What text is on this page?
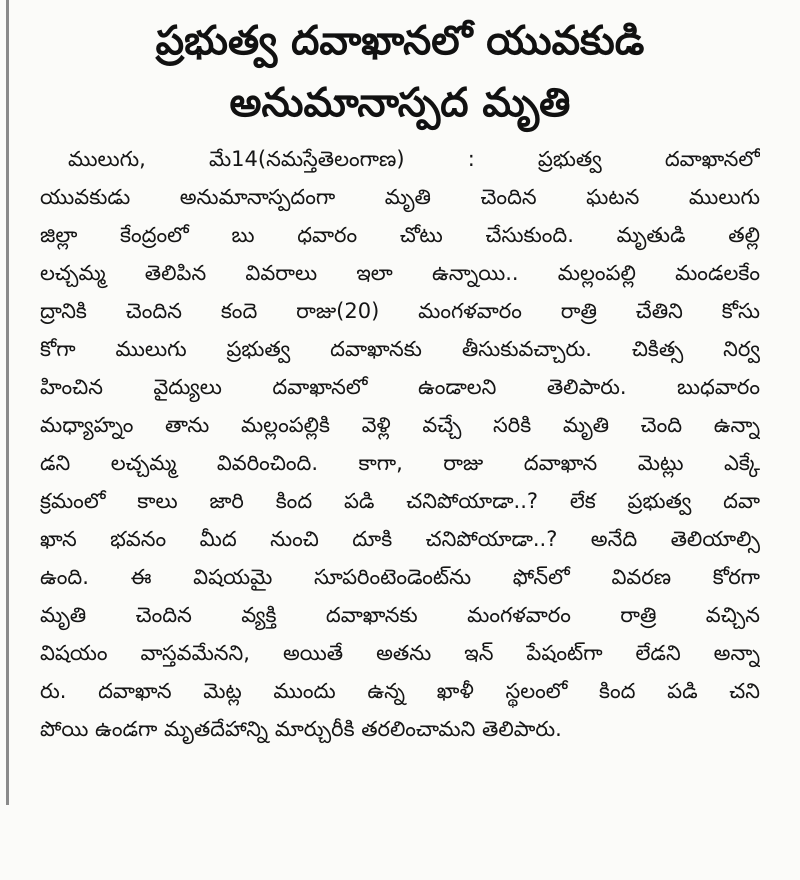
ప్రభుత్వ దవాఖానలో యువకుడి
అనుమానాస్పద మృతి
ములుగు, మే14(నమస్తేతెలంగాణ) : ప్రభుత్వ దవాఖానలో
యువకుడు అనుమానాస్పదంగా మృతి చెందిన ఘటన ములుగు
జిల్లా కేంద్రంలో బు ధవారం చోటు చేసుకుంది. మృతుడి తల్లి
లచ్చమ్మ తెలిపిన వివరాలు ఇలా ఉన్నాయి.. మల్లంపల్లి మండలకేం
ద్రానికి చెందిన కందె రాజు(20) మంగళవారం రాత్రి చేతిని కోసు
కోగా ములుగు ప్రభుత్వ దవాఖానకు తీసుకువచ్చారు. చికిత్స నిర్వ
హించిన వైద్యులు దవాఖానలో ఉండాలని తెలిపారు. బుధవారం
మధ్యాహ్నం తాను మల్లంపల్లికి వెళ్లి వచ్చే సరికి మృతి చెంది ఉన్నా
డని లచ్చమ్మ వివరించింది. కాగా, రాజు దవాఖాన మెట్లు ఎక్కే
క్రమంలో కాలు జారి కింద పడి చనిపోయాడా..? లేక ప్రభుత్వ దవా
ఖాన భవనం మీద నుంచి దూకి చనిపోయాడా..? అనేది తెలియాల్సి
ఉంది. ఈ విషయమై సూపరింటెండెంట్‌ను ఫోన్‌లో వివరణ కోరగా
మృతి చెందిన వ్యక్తి దవాఖానకు మంగళవారం రాత్రి వచ్చిన
విషయం వాస్తవమేనని, అయితే అతను ఇన్ పేషంట్‌గా లేడని అన్నా
రు. దవాఖాన మెట్ల ముందు ఉన్న ఖాళీ స్థలంలో కింద పడి చని
పోయి ఉండగా మృతదేహాన్ని మార్చురీకి తరలించామని తెలిపారు.
